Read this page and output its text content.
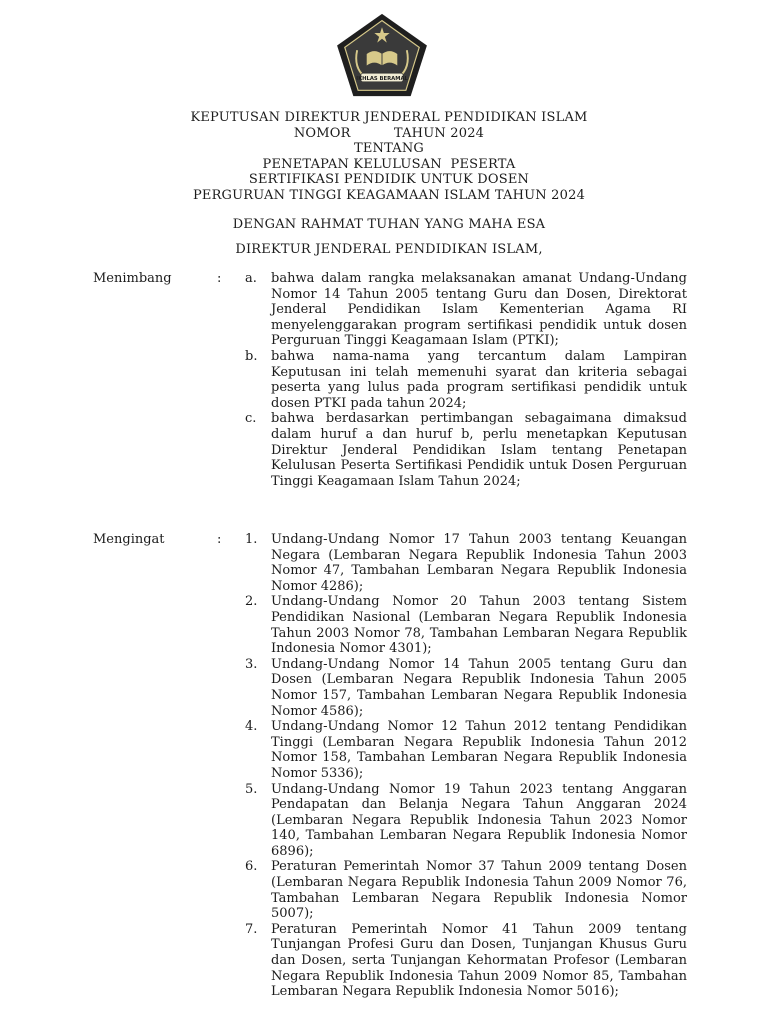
IKHLAS BERAMAL
KEPUTUSAN DIREKTUR JENDERAL PENDIDIKAN ISLAM
NOMOR          TAHUN 2024
TENTANG
PENETAPAN KELULUSAN  PESERTA
SERTIFIKASI PENDIDIK UNTUK DOSEN
PERGURUAN TINGGI KEAGAMAAN ISLAM TAHUN 2024
DENGAN RAHMAT TUHAN YANG MAHA ESA
DIREKTUR JENDERAL PENDIDIKAN ISLAM,
Menimbang	: a. bahwa dalam rangka melaksanakan amanat Undang-Undang Nomor 14 Tahun 2005 tentang Guru dan Dosen, Direktorat Jenderal Pendidikan Islam Kementerian Agama RI menyelenggarakan program sertifikasi pendidik untuk dosen Perguruan Tinggi Keagamaan Islam (PTKI);

b. bahwa nama-nama yang tercantum dalam Lampiran Keputusan ini telah memenuhi syarat dan kriteria sebagai peserta yang lulus pada program sertifikasi pendidik untuk dosen PTKI pada tahun 2024;

c. bahwa berdasarkan pertimbangan sebagaimana dimaksud dalam huruf a dan huruf b, perlu menetapkan Keputusan Direktur Jenderal Pendidikan Islam tentang Penetapan Kelulusan Peserta Sertifikasi Pendidik untuk Dosen Perguruan Tinggi Keagamaan Islam Tahun 2024;

Mengingat	: 1. Undang-Undang Nomor 17 Tahun 2003 tentang Keuangan Negara (Lembaran Negara Republik Indonesia Tahun 2003 Nomor 47, Tambahan Lembaran Negara Republik Indonesia Nomor 4286);

2. Undang-Undang Nomor 20 Tahun 2003 tentang Sistem Pendidikan Nasional (Lembaran Negara Republik Indonesia Tahun 2003 Nomor 78, Tambahan Lembaran Negara Republik Indonesia Nomor 4301);

3. Undang-Undang Nomor 14 Tahun 2005 tentang Guru dan Dosen (Lembaran Negara Republik Indonesia Tahun 2005 Nomor 157, Tambahan Lembaran Negara Republik Indonesia Nomor 4586);

4. Undang-Undang Nomor 12 Tahun 2012 tentang Pendidikan Tinggi (Lembaran Negara Republik Indonesia Tahun 2012 Nomor 158, Tambahan Lembaran Negara Republik Indonesia Nomor 5336);

5. Undang-Undang Nomor 19 Tahun 2023 tentang Anggaran Pendapatan dan Belanja Negara Tahun Anggaran 2024 (Lembaran Negara Republik Indonesia Tahun 2023 Nomor 140, Tambahan Lembaran Negara Republik Indonesia Nomor 6896);

6. Peraturan Pemerintah Nomor 37 Tahun 2009 tentang Dosen (Lembaran Negara Republik Indonesia Tahun 2009 Nomor 76, Tambahan Lembaran Negara Republik Indonesia Nomor 5007);

7. Peraturan Pemerintah Nomor 41 Tahun 2009 tentang Tunjangan Profesi Guru dan Dosen, Tunjangan Khusus Guru dan Dosen, serta Tunjangan Kehormatan Profesor (Lembaran Negara Republik Indonesia Tahun 2009 Nomor 85, Tambahan Lembaran Negara Republik Indonesia Nomor 5016);
